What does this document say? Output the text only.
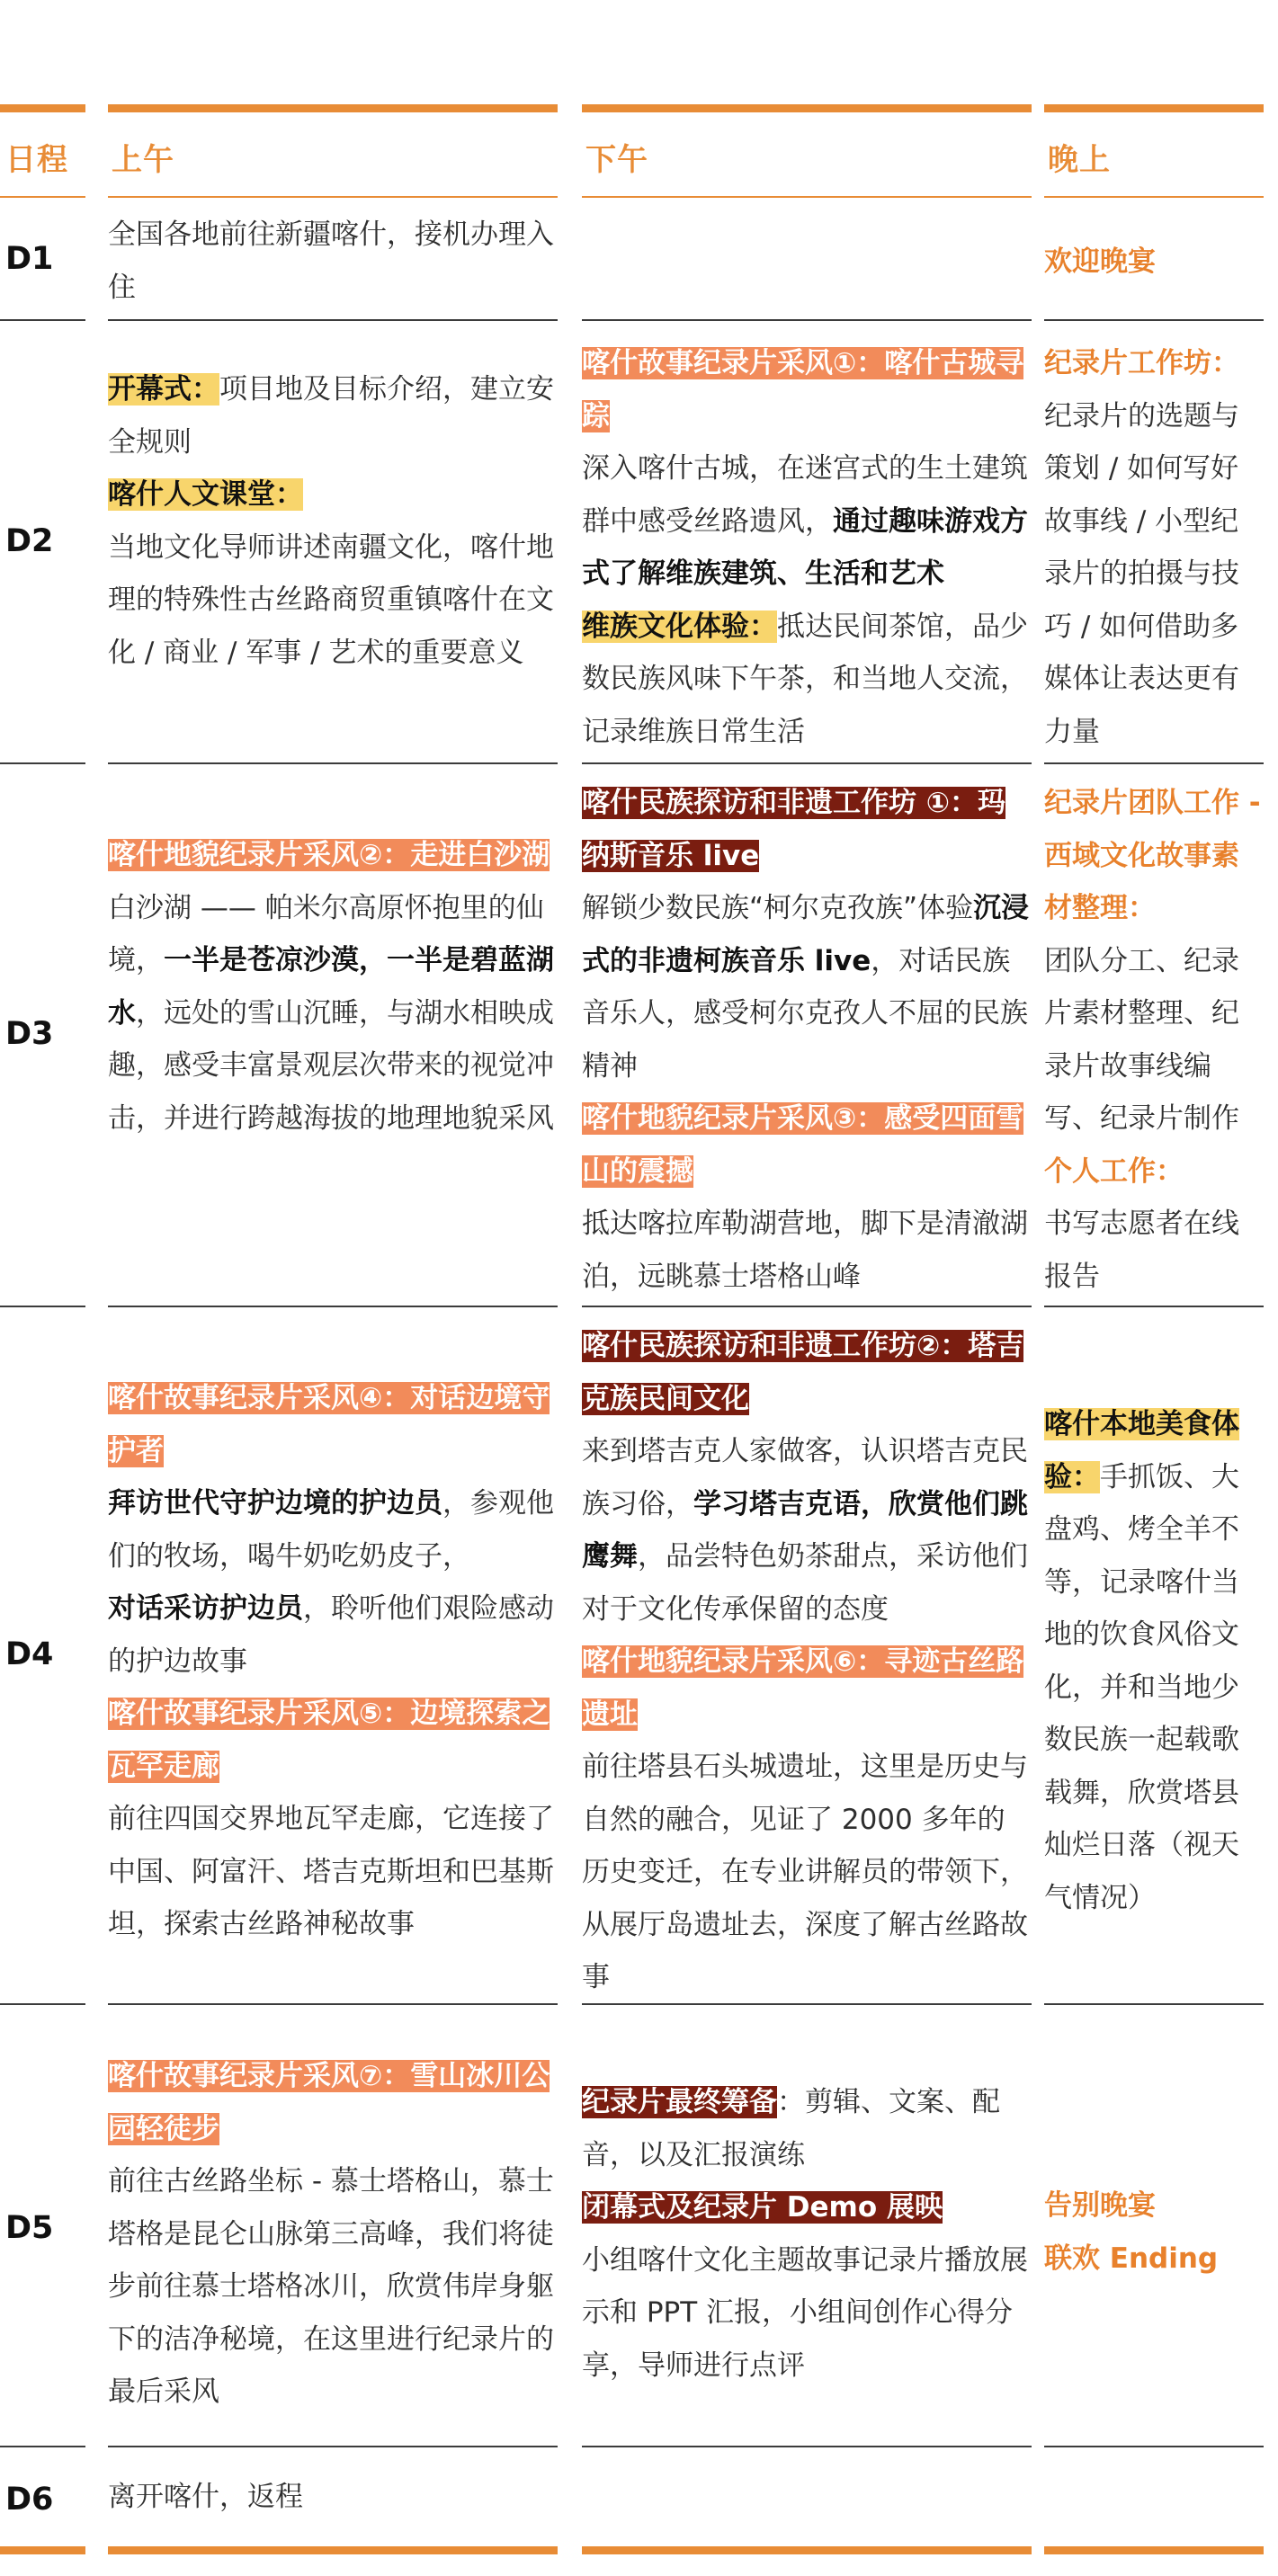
日程 上午	下午	晚上
D1

全国各地前往新疆喀什，接机办理入住

欢迎晚宴

D2

开幕式：项目地及目标介绍，建立安全规则

喀什人文课堂：

当地文化导师讲述南疆文化，喀什地理的特殊性古丝路商贸重镇喀什在文化 / 商业 / 军事 / 艺术的重要意义

喀什故事纪录片采风①：喀什古城寻踪

深入喀什古城，在迷宫式的生土建筑群中感受丝路遗风，通过趣味游戏方式了解维族建筑、生活和艺术

维族文化体验：抵达民间茶馆，品少数民族风味下午茶，和当地人交流，记录维族日常生活

纪录片工作坊：

纪录片的选题与策划 / 如何写好故事线 / 小型纪录片的拍摄与技巧 / 如何借助多媒体让表达更有力量

D3

喀什地貌纪录片采风②：走进白沙湖

白沙湖 —— 帕米尔高原怀抱里的仙境，一半是苍凉沙漠，一半是碧蓝湖水，远处的雪山沉睡，与湖水相映成趣，感受丰富景观层次带来的视觉冲击，并进行跨越海拔的地理地貌采风

喀什民族探访和非遗工作坊 ①：玛纳斯音乐 live

解锁少数民族“柯尔克孜族”体验沉浸式的非遗柯族音乐 live，对话民族音乐人，感受柯尔克孜人不屈的民族精神

喀什地貌纪录片采风③：感受四面雪山的震撼

抵达喀拉库勒湖营地，脚下是清澈湖泊，远眺慕士塔格山峰

纪录片团队工作 - 西域文化故事素材整理：

团队分工、纪录片素材整理、纪录片故事线编写、纪录片制作

个人工作：

书写志愿者在线报告

D4

喀什故事纪录片采风④：对话边境守护者

拜访世代守护边境的护边员，参观他们的牧场，喝牛奶吃奶皮子，

对话采访护边员，聆听他们艰险感动的护边故事

喀什故事纪录片采风⑤：边境探索之瓦罕走廊

前往四国交界地瓦罕走廊，它连接了中国、阿富汗、塔吉克斯坦和巴基斯坦，探索古丝路神秘故事

喀什民族探访和非遗工作坊②：塔吉克族民间文化

来到塔吉克人家做客，认识塔吉克民族习俗，学习塔吉克语，欣赏他们跳鹰舞，品尝特色奶茶甜点，采访他们对于文化传承保留的态度

喀什地貌纪录片采风⑥：寻迹古丝路遗址

前往塔县石头城遗址，这里是历史与自然的融合，见证了 2000 多年的历史变迁，在专业讲解员的带领下，从展厅岛遗址去，深度了解古丝路故事

喀什本地美食体验：手抓饭、大盘鸡、烤全羊不等，记录喀什当地的饮食风俗文化，并和当地少数民族一起载歌载舞，欣赏塔县灿烂日落（视天气情况）

D5

喀什故事纪录片采风⑦：雪山冰川公园轻徒步

前往古丝路坐标 - 慕士塔格山，慕士塔格是昆仑山脉第三高峰，我们将徒步前往慕士塔格冰川，欣赏伟岸身躯下的洁净秘境，在这里进行纪录片的最后采风

纪录片最终筹备：剪辑、文案、配音，以及汇报演练

闭幕式及纪录片 Demo 展映

小组喀什文化主题故事记录片播放展示和 PPT 汇报，小组间创作心得分享，导师进行点评

告别晚宴

联欢 Ending

D6 离开喀什，返程
